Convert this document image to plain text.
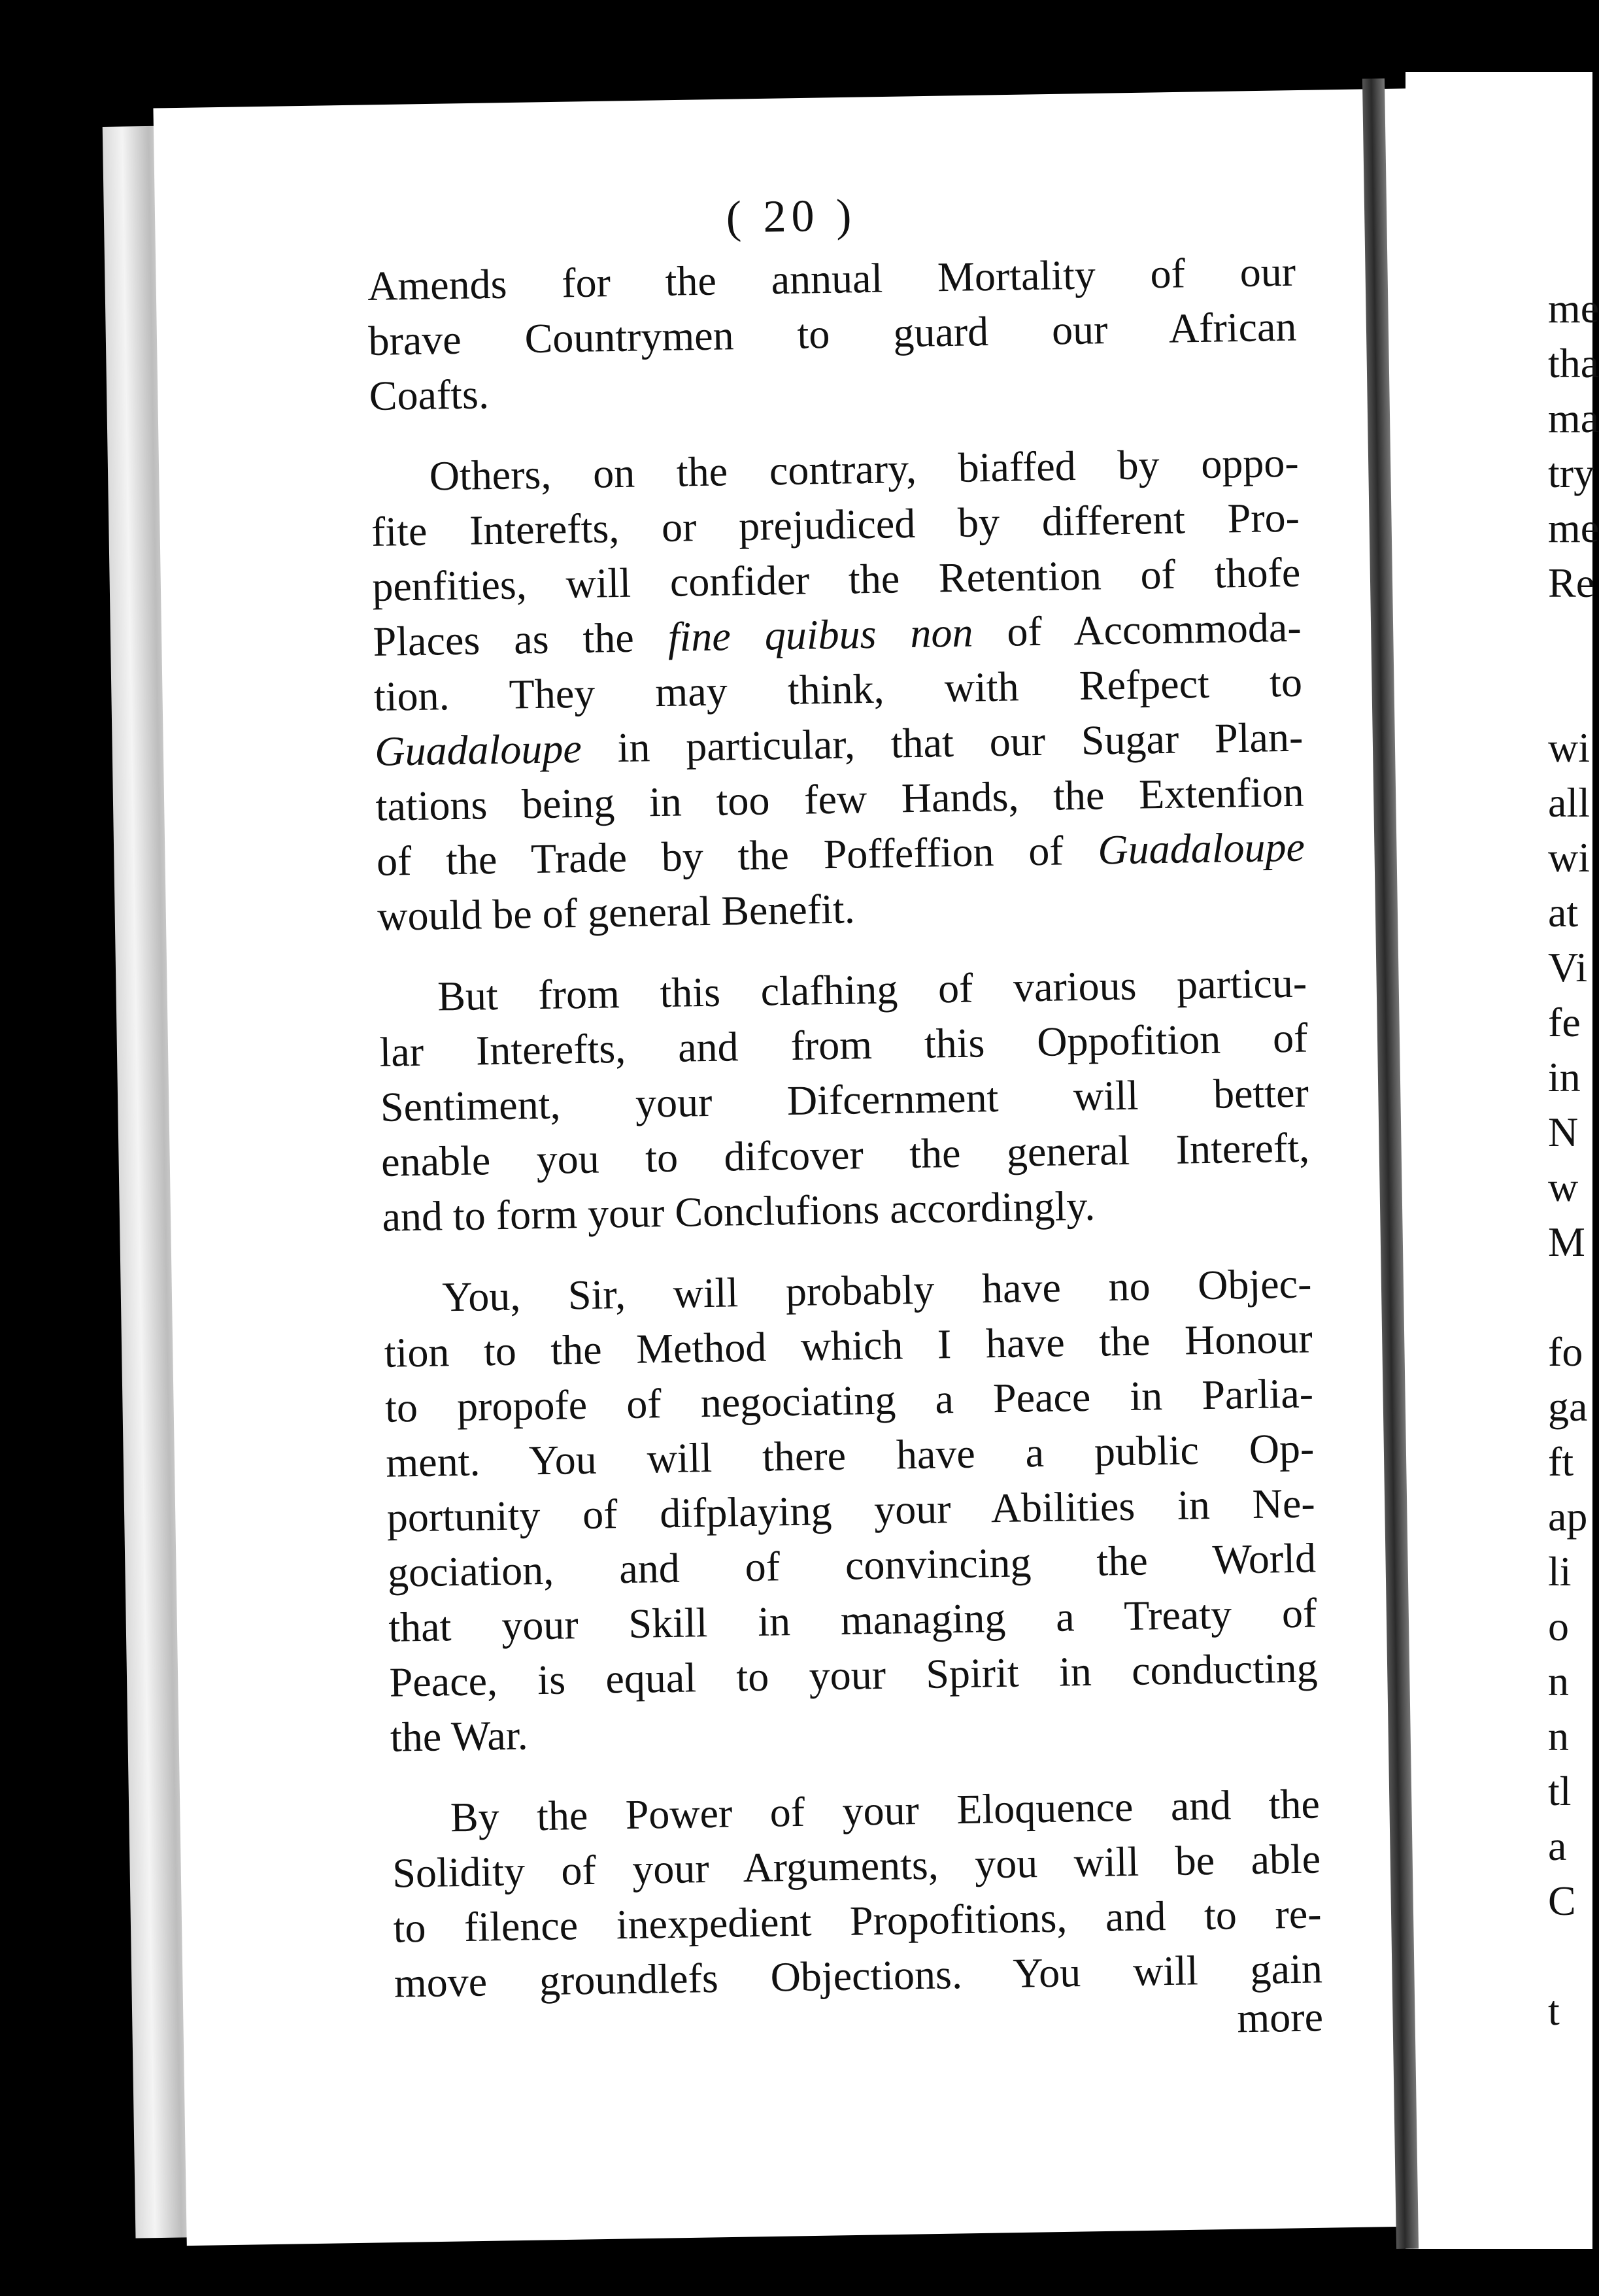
( 20 )

Amends for the annual Mortality of our

brave Countrymen to guard our African

Coafts.

Others, on the contrary, biaffed by oppo-

fite Interefts, or prejudiced by different Pro-

penfities, will confider the Retention of thofe

Places as the fine quibus non of Accommoda-

tion. They may think, with Refpect to

Guadaloupe in particular, that our Sugar Plan-

tations being in too few Hands, the Extenfion

of the Trade by the Poffeffion of Guadaloupe

would be of general Benefit.

But from this clafhing of various particu-

lar Interefts, and from this Oppofition of

Sentiment, your Difcernment will better

enable you to difcover the general Intereft,

and to form your Conclufions accordingly.

You, Sir, will probably have no Objec-

tion to the Method which I have the Honour

to propofe of negociating a Peace in Parlia-

ment. You will there have a public Op-

portunity of difplaying your Abilities in Ne-

gociation, and of convincing the World

that your Skill in managing a Treaty of

Peace, is equal to your Spirit in conducting

the War.

By the Power of your Eloquence and the

Solidity of your Arguments, you will be able

to filence inexpedient Propofitions, and to re-

move groundlefs Objections. You will gain

more
me
tha
ma
try
me
Re
wi
all
wi
at
Vi
fe
in
N
w
M
fo
ga
ft
ap
li
o
n
n
tl
a
C
t
